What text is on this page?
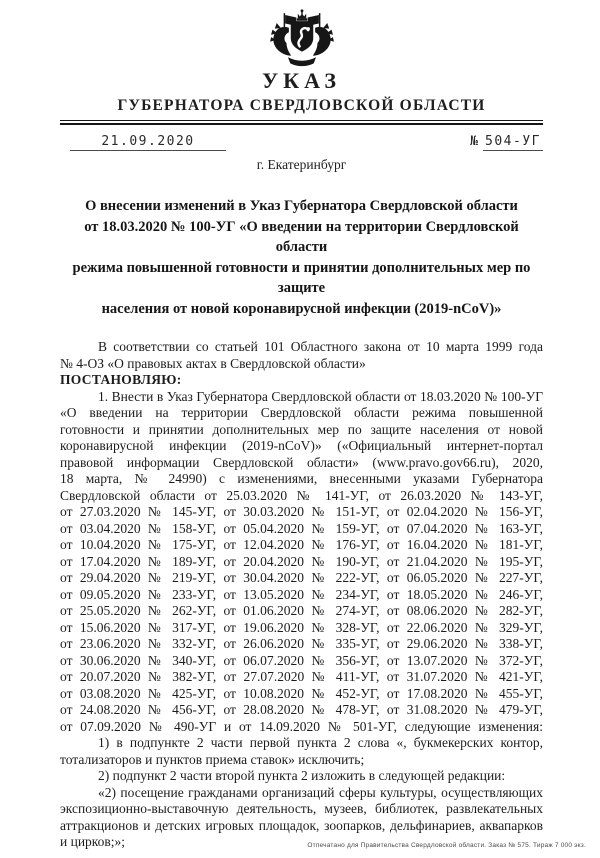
УКАЗ
ГУБЕРНАТОРА СВЕРДЛОВСКОЙ ОБЛАСТИ
21.09.2020	№ 504-УГ
г. Екатеринбург
О внесении изменений в Указ Губернатора Свердловской области
от 18.03.2020 № 100-УГ «О введении на территории Свердловской области
режима повышенной готовности и принятии дополнительных мер по защите
населения от новой коронавирусной инфекции (2019-nCoV)»
В соответствии со статьей 101 Областного закона от 10 марта 1999 года
№ 4-ОЗ «О правовых актах в Свердловской области»
ПОСТАНОВЛЯЮ:
1. Внести в Указ Губернатора Свердловской области от 18.03.2020 № 100-УГ
«О введении на территории Свердловской области режима повышенной
готовности и принятии дополнительных мер по защите населения от новой
коронавирусной инфекции (2019-nCoV)» («Официальный интернет-портал
правовой информации Свердловской области» (www.pravo.gov66.ru), 2020,
18 марта, № 24990) с изменениями, внесенными указами Губернатора
Свердловской области от 25.03.2020 № 141-УГ, от 26.03.2020 № 143-УГ,
от 27.03.2020 № 145-УГ, от 30.03.2020 № 151-УГ, от 02.04.2020 № 156-УГ,
от 03.04.2020 № 158-УГ, от 05.04.2020 № 159-УГ, от 07.04.2020 № 163-УГ,
от 10.04.2020 № 175-УГ, от 12.04.2020 № 176-УГ, от 16.04.2020 № 181-УГ,
от 17.04.2020 № 189-УГ, от 20.04.2020 № 190-УГ, от 21.04.2020 № 195-УГ,
от 29.04.2020 № 219-УГ, от 30.04.2020 № 222-УГ, от 06.05.2020 № 227-УГ,
от 09.05.2020 № 233-УГ, от 13.05.2020 № 234-УГ, от 18.05.2020 № 246-УГ,
от 25.05.2020 № 262-УГ, от 01.06.2020 № 274-УГ, от 08.06.2020 № 282-УГ,
от 15.06.2020 № 317-УГ, от 19.06.2020 № 328-УГ, от 22.06.2020 № 329-УГ,
от 23.06.2020 № 332-УГ, от 26.06.2020 № 335-УГ, от 29.06.2020 № 338-УГ,
от 30.06.2020 № 340-УГ, от 06.07.2020 № 356-УГ, от 13.07.2020 № 372-УГ,
от 20.07.2020 № 382-УГ, от 27.07.2020 № 411-УГ, от 31.07.2020 № 421-УГ,
от 03.08.2020 № 425-УГ, от 10.08.2020 № 452-УГ, от 17.08.2020 № 455-УГ,
от 24.08.2020 № 456-УГ, от 28.08.2020 № 478-УГ, от 31.08.2020 № 479-УГ,
от 07.09.2020 № 490-УГ и от 14.09.2020 № 501-УГ, следующие изменения:
1) в подпункте 2 части первой пункта 2 слова «, букмекерских контор,
тотализаторов и пунктов приема ставок» исключить;
2) подпункт 2 части второй пункта 2 изложить в следующей редакции:
«2) посещение гражданами организаций сферы культуры, осуществляющих
экспозиционно-выставочную деятельность, музеев, библиотек, развлекательных
аттракционов и детских игровых площадок, зоопарков, дельфинариев, аквапарков
и цирков;»;	Отпечатано для Правительства Свердловской области. Заказ № 575. Тираж 7 000 экз.
